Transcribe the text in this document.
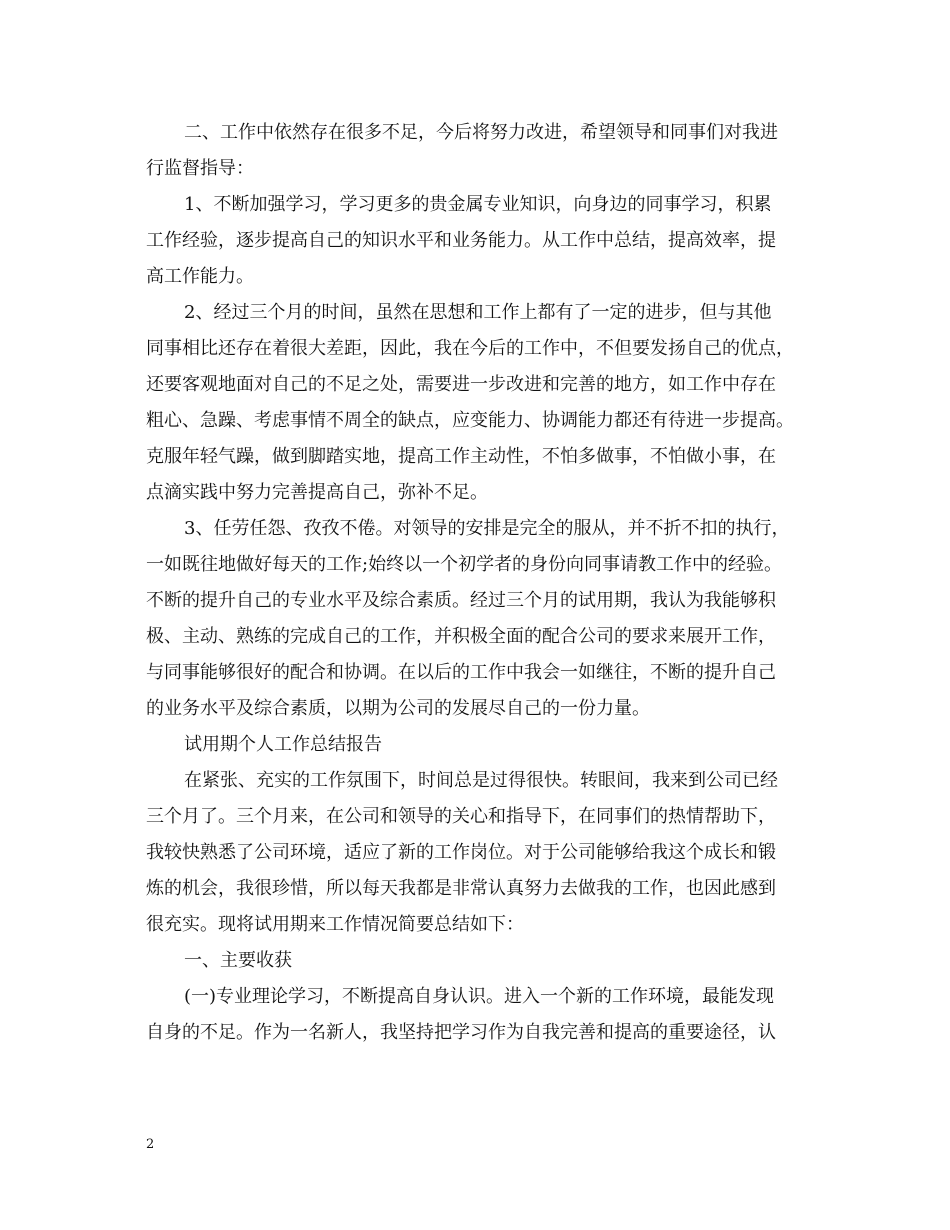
二、工作中依然存在很多不足，今后将努力改进，希望领导和同事们对我进
行监督指导：
1、不断加强学习，学习更多的贵金属专业知识，向身边的同事学习，积累
工作经验，逐步提高自己的知识水平和业务能力。从工作中总结，提高效率，提
高工作能力。
2、经过三个月的时间，虽然在思想和工作上都有了一定的进步，但与其他
同事相比还存在着很大差距，因此，我在今后的工作中，不但要发扬自己的优点，
还要客观地面对自己的不足之处，需要进一步改进和完善的地方，如工作中存在
粗心、急躁、考虑事情不周全的缺点，应变能力、协调能力都还有待进一步提高。
克服年轻气躁，做到脚踏实地，提高工作主动性，不怕多做事，不怕做小事，在
点滴实践中努力完善提高自己，弥补不足。
3、任劳任怨、孜孜不倦。对领导的安排是完全的服从，并不折不扣的执行，
一如既往地做好每天的工作;始终以一个初学者的身份向同事请教工作中的经验。
不断的提升自己的专业水平及综合素质。经过三个月的试用期，我认为我能够积
极、主动、熟练的完成自己的工作，并积极全面的配合公司的要求来展开工作，
与同事能够很好的配合和协调。在以后的工作中我会一如继往，不断的提升自己
的业务水平及综合素质，以期为公司的发展尽自己的一份力量。
试用期个人工作总结报告
在紧张、充实的工作氛围下，时间总是过得很快。转眼间，我来到公司已经
三个月了。三个月来，在公司和领导的关心和指导下，在同事们的热情帮助下，
我较快熟悉了公司环境，适应了新的工作岗位。对于公司能够给我这个成长和锻
炼的机会，我很珍惜，所以每天我都是非常认真努力去做我的工作，也因此感到
很充实。现将试用期来工作情况简要总结如下：
一、主要收获
(一)专业理论学习，不断提高自身认识。进入一个新的工作环境，最能发现
自身的不足。作为一名新人，我坚持把学习作为自我完善和提高的重要途径，认
2
